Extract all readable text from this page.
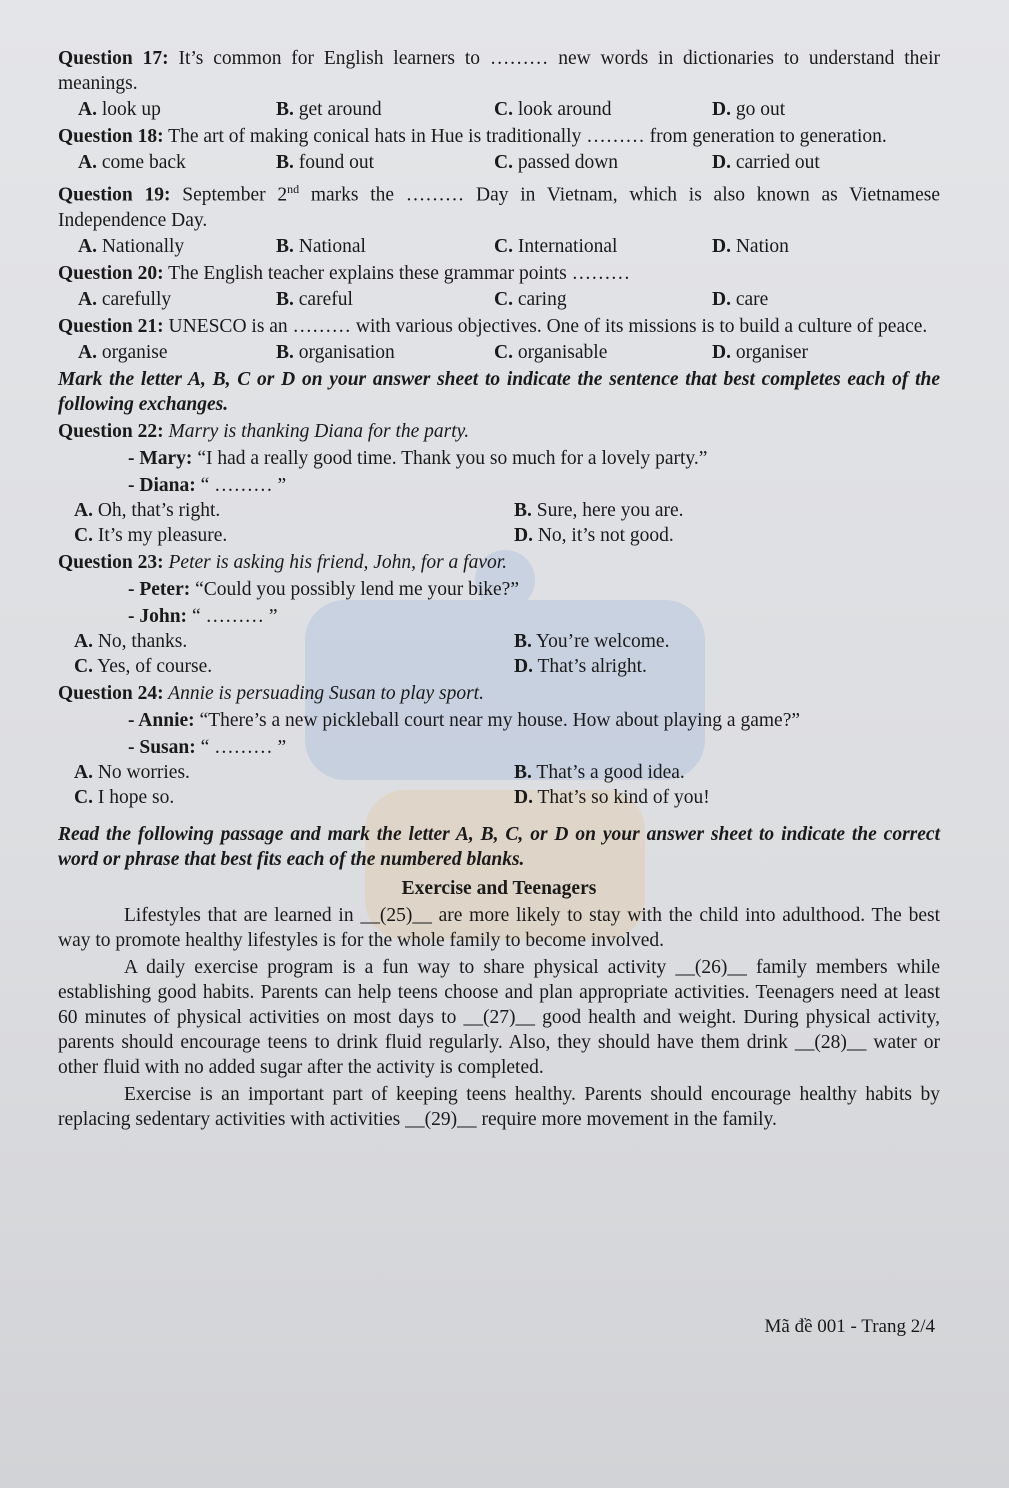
Question 17: It’s common for English learners to ……… new words in dictionaries to understand their meanings.
A. look up	B. get around	C. look around	D. go out
Question 18: The art of making conical hats in Hue is traditionally ……… from generation to generation.
A. come back	B. found out	C. passed down	D. carried out
Question 19: September 2nd marks the ……… Day in Vietnam, which is also known as Vietnamese Independence Day.
A. Nationally	B. National	C. International	D. Nation
Question 20: The English teacher explains these grammar points ………
A. carefully	B. careful	C. caring	D. care
Question 21: UNESCO is an ……… with various objectives. One of its missions is to build a culture of peace.
A. organise	B. organisation	C. organisable	D. organiser
Mark the letter A, B, C or D on your answer sheet to indicate the sentence that best completes each of the following exchanges.
Question 22: Marry is thanking Diana for the party.
- Mary: “I had a really good time. Thank you so much for a lovely party.”
- Diana: “ ……… ”
A. Oh, that’s right.	B. Sure, here you are.
C. It’s my pleasure.	D. No, it’s not good.
Question 23: Peter is asking his friend, John, for a favor.
- Peter: “Could you possibly lend me your bike?”
- John: “ ……… ”
A. No, thanks.	B. You’re welcome.
C. Yes, of course.	D. That’s alright.
Question 24: Annie is persuading Susan to play sport.
- Annie: “There’s a new pickleball court near my house. How about playing a game?”
- Susan: “ ……… ”
A. No worries.	B. That’s a good idea.
C. I hope so.	D. That’s so kind of you!
Read the following passage and mark the letter A, B, C, or D on your answer sheet to indicate the correct word or phrase that best fits each of the numbered blanks.
Exercise and Teenagers
Lifestyles that are learned in __(25)__ are more likely to stay with the child into adulthood. The best way to promote healthy lifestyles is for the whole family to become involved.
A daily exercise program is a fun way to share physical activity __(26)__ family members while establishing good habits. Parents can help teens choose and plan appropriate activities. Teenagers need at least 60 minutes of physical activities on most days to __(27)__ good health and weight. During physical activity, parents should encourage teens to drink fluid regularly. Also, they should have them drink __(28)__ water or other fluid with no added sugar after the activity is completed.
Exercise is an important part of keeping teens healthy. Parents should encourage healthy habits by replacing sedentary activities with activities __(29)__ require more movement in the family.
Mã đề 001 - Trang 2/4
